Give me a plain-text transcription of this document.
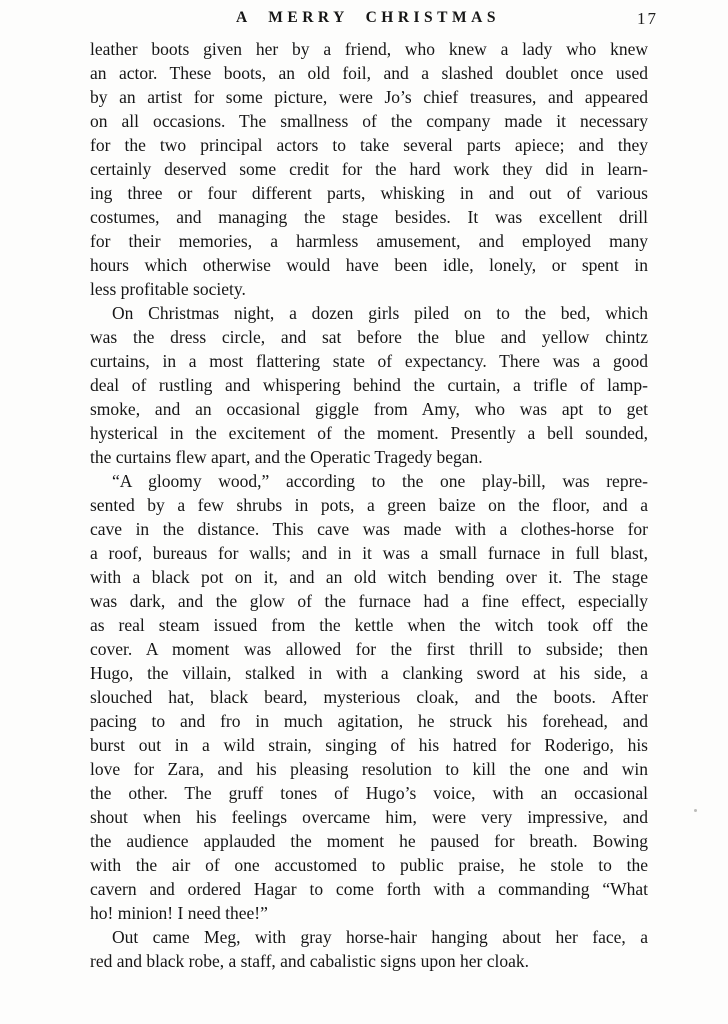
A MERRY CHRISTMAS	17
leather boots given her by a friend, who knew a lady who knew
an actor. These boots, an old foil, and a slashed doublet once used
by an artist for some picture, were Jo’s chief treasures, and appeared
on all occasions. The smallness of the company made it necessary
for the two principal actors to take several parts apiece; and they
certainly deserved some credit for the hard work they did in learn-
ing three or four different parts, whisking in and out of various
costumes, and managing the stage besides. It was excellent drill
for their memories, a harmless amusement, and employed many
hours which otherwise would have been idle, lonely, or spent in
less profitable society.
On Christmas night, a dozen girls piled on to the bed, which
was the dress circle, and sat before the blue and yellow chintz
curtains, in a most flattering state of expectancy. There was a good
deal of rustling and whispering behind the curtain, a trifle of lamp-
smoke, and an occasional giggle from Amy, who was apt to get
hysterical in the excitement of the moment. Presently a bell sounded,
the curtains flew apart, and the Operatic Tragedy began.
“A gloomy wood,” according to the one play-bill, was repre-
sented by a few shrubs in pots, a green baize on the floor, and a
cave in the distance. This cave was made with a clothes-horse for
a roof, bureaus for walls; and in it was a small furnace in full blast,
with a black pot on it, and an old witch bending over it. The stage
was dark, and the glow of the furnace had a fine effect, especially
as real steam issued from the kettle when the witch took off the
cover. A moment was allowed for the first thrill to subside; then
Hugo, the villain, stalked in with a clanking sword at his side, a
slouched hat, black beard, mysterious cloak, and the boots. After
pacing to and fro in much agitation, he struck his forehead, and
burst out in a wild strain, singing of his hatred for Roderigo, his
love for Zara, and his pleasing resolution to kill the one and win
the other. The gruff tones of Hugo’s voice, with an occasional
shout when his feelings overcame him, were very impressive, and
the audience applauded the moment he paused for breath. Bowing
with the air of one accustomed to public praise, he stole to the
cavern and ordered Hagar to come forth with a commanding “What
ho! minion! I need thee!”
Out came Meg, with gray horse-hair hanging about her face, a
red and black robe, a staff, and cabalistic signs upon her cloak.
